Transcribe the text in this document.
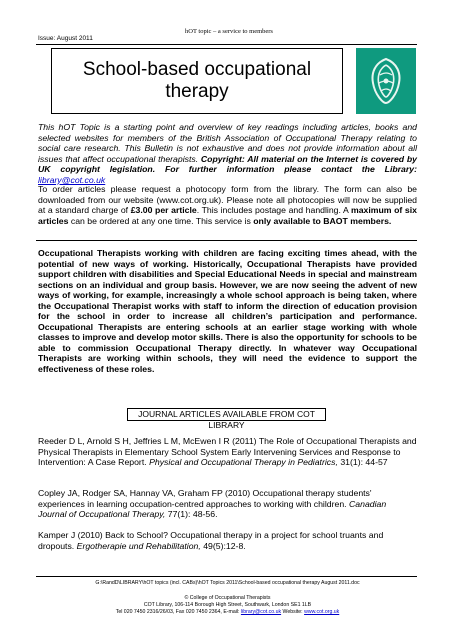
Issue: August 2011
hOT topic – a service to members
School-based occupational
therapy
This hOT Topic is a starting point and overview of key readings including articles, books and selected websites for members of the British Association of Occupational Therapy relating to social care research. This Bulletin is not exhaustive and does not provide information about all issues that affect occupational therapists. Copyright: All material on the Internet is covered by UK copyright legislation. For further information please contact the Library: library@cot.co.uk
To order articles please request a photocopy form from the library. The form can also be downloaded from our website (www.cot.org.uk). Please note all photocopies will now be supplied at a standard charge of £3.00 per article. This includes postage and handling. A maximum of six articles can be ordered at any one time. This service is only available to BAOT members.
Occupational Therapists working with children are facing exciting times ahead, with the potential of new ways of working. Historically, Occupational Therapists have provided support children with disabilities and Special Educational Needs in special and mainstream sections on an individual and group basis. However, we are now seeing the advent of new ways of working, for example, increasingly a whole school approach is being taken, where the Occupational Therapist works with staff to inform the direction of education provision for the school in order to increase all children’s participation and performance. Occupational Therapists are entering schools at an earlier stage working with whole classes to improve and develop motor skills. There is also the opportunity for schools to be able to commission Occupational Therapy directly. In whatever way Occupational Therapists are working within schools, they will need the evidence to support the effectiveness of these roles.
JOURNAL ARTICLES AVAILABLE FROM COT LIBRARY
Reeder D L, Arnold S H, Jeffries L M, McEwen I R (2011) The Role of Occupational Therapists and Physical Therapists in Elementary School System Early Intervening Services and Response to Intervention: A Case Report. Physical and Occupational Therapy in Pediatrics, 31(1): 44-57
Copley JA, Rodger SA, Hannay VA, Graham FP (2010) Occupational therapy students' experiences in learning occupation-centred approaches to working with children. Canadian Journal of Occupational Therapy, 77(1): 48-56.
Kamper J (2010) Back to School? Occupational therapy in a project for school truants and dropouts. Ergotherapie und Rehabilitation, 49(5):12-8.
G:\RandD\LIBRARY\hOT topics (incl. CABs)\hOT Topics 2011\School-based occupational therapy August 2011.doc
© College of Occupational Therapists
COT Library, 106-114 Borough High Street, Southwark, London SE1 1LB
Tel 020 7450 2316/26/03, Fax 020 7450 2364, E-mail: library@cot.co.uk Website: www.cot.org.uk
